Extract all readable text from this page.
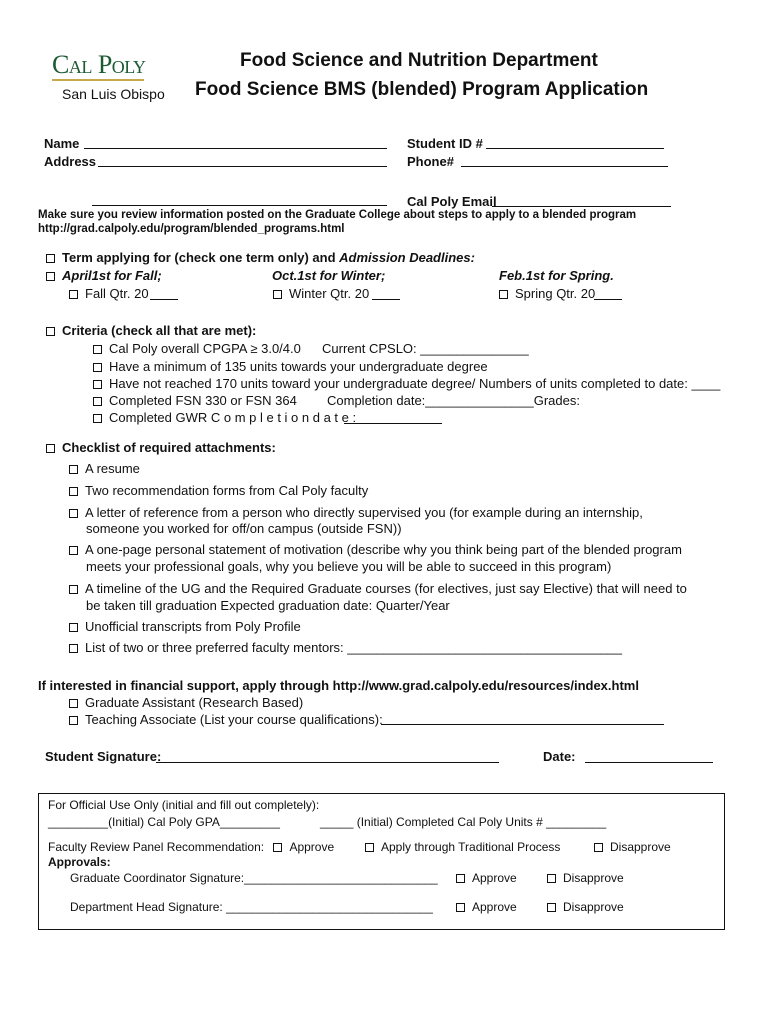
Cal Poly
San Luis Obispo
Food Science and Nutrition Department
Food Science BMS (blended) Program Application
Name
Address
Student ID #
Phone#
Cal Poly Email
Make sure you review information posted on the Graduate College about steps to apply to a blended program
http://grad.calpoly.edu/program/blended_programs.html
Term applying for (check one term only) and Admission Deadlines:
April1st for Fall;	Oct.1st for Winter;	Feb.1st for Spring.
Fall Qtr. 20	Winter Qtr. 20	Spring Qtr. 20
Criteria (check all that are met):
Cal Poly overall CPGPA ≥ 3.0/4.0 Current CPSLO: _______________
Have a minimum of 135 units towards your undergraduate degree
Have not reached 170 units toward your undergraduate degree/ Numbers of units completed to date: ____
Completed FSN 330 or FSN 364 Completion date:_______________Grades:
Completed GWR C o m p l e t i o n d a t e :
Checklist of required attachments:
A resume
Two recommendation forms from Cal Poly faculty
A letter of reference from a person who directly supervised you (for example during an internship,
someone you worked for off/on campus (outside FSN))
A one-page personal statement of motivation (describe why you think being part of the blended program
meets your professional goals, why you believe you will be able to succeed in this program)
A timeline of the UG and the Required Graduate courses (for electives, just say Elective) that will need to
be taken till graduation Expected graduation date: Quarter/Year
Unofficial transcripts from Poly Profile
List of two or three preferred faculty mentors: ______________________________________
If interested in financial support, apply through http://www.grad.calpoly.edu/resources/index.html
Graduate Assistant (Research Based)
Teaching Associate (List your course qualifications):
Student Signature:	Date:
For Official Use Only (initial and fill out completely):
_________(Initial) Cal Poly GPA_________	_____ (Initial) Completed Cal Poly Units # _________
Faculty Review Panel Recommendation: Approve	Apply through Traditional Process	Disapprove
Approvals:
Graduate Coordinator Signature:_____________________________	Approve	Disapprove
Department Head Signature: _______________________________	Approve	Disapprove
